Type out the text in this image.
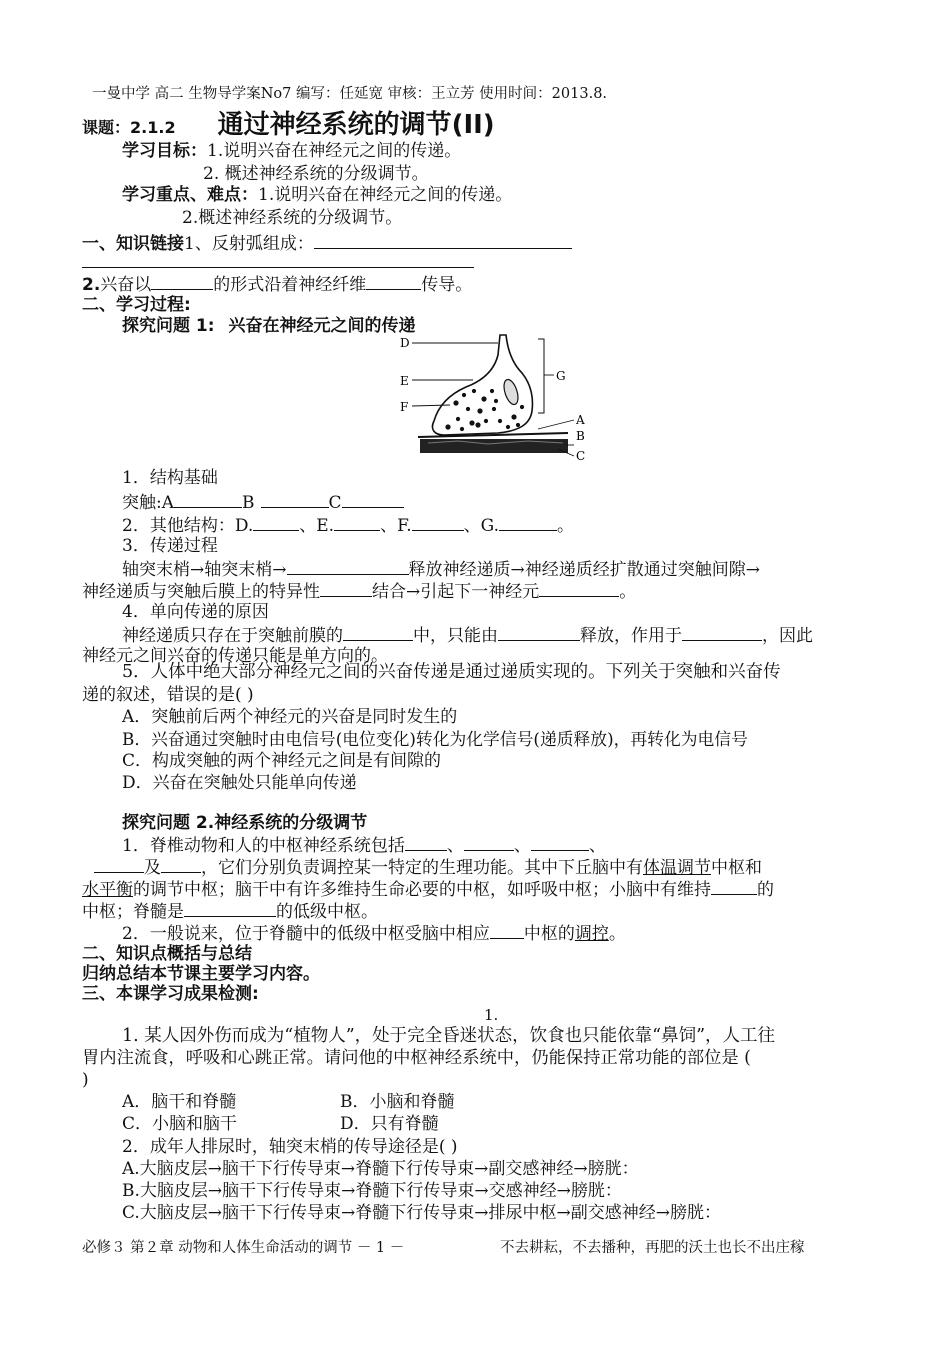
一曼中学 高二 生物导学案No7 编写：任延宽 审核：王立芳 使用时间：2013.8.
课题：2.1.2 通过神经系统的调节(II)
学习目标：1.说明兴奋在神经元之间的传递。
2. 概述神经系统的分级调节。
学习重点、难点：1.说明兴奋在神经元之间的传递。
2.概述神经系统的分级调节。
一、知识链接1、反射弧组成：
2.兴奋以	的形式沿着神经纤维	传导。
二、学习过程:
探究问题 1: 兴奋在神经元之间的传递
D
E
F
G
A
B
C
1．结构基础
突触:A	B	C
2．其他结构：D.	、E.	、F.	、G.	。
3．传递过程
轴突末梢→轴突末梢→	释放神经递质→神经递质经扩散通过突触间隙→
神经递质与突触后膜上的特异性	结合→引起下一神经元	。
4．单向传递的原因
神经递质只存在于突触前膜的	中，只能由	释放，作用于	，因此
神经元之间兴奋的传递只能是单方向的。
5．人体中绝大部分神经元之间的兴奋传递是通过递质实现的。下列关于突触和兴奋传
递的叙述，错误的是( )
A．突触前后两个神经元的兴奋是同时发生的
B．兴奋通过突触时由电信号(电位变化)转化为化学信号(递质释放)，再转化为电信号
C．构成突触的两个神经元之间是有间隙的
D．兴奋在突触处只能单向传递
探究问题 2.神经系统的分级调节
1．脊椎动物和人的中枢神经系统包括 、	、	、
及 ，它们分别负责调控某一特定的生理功能。其中下丘脑中有体温调节中枢和
水平衡的调节中枢；脑干中有许多维持生命必要的中枢，如呼吸中枢；小脑中有维持	的
中枢；脊髓是	的低级中枢。
2．一般说来，位于脊髓中的低级中枢受脑中相应 中枢的调控。
二、知识点概括与总结
归纳总结本节课主要学习内容。
三、本课学习成果检测:
1.
1. 某人因外伤而成为“植物人”，处于完全昏迷状态，饮食也只能依靠“鼻饲”，人工往
胃内注流食，呼吸和心跳正常。请问他的中枢神经系统中，仍能保持正常功能的部位是 (
)
A．脑干和脊髓	B．小脑和脊髓
C．小脑和脑干	D．只有脊髓
2．成年人排尿时，轴突末梢的传导途径是( )
A.大脑皮层→脑干下行传导束→脊髓下行传导束→副交感神经→膀胱：
B.大脑皮层→脑干下行传导束→脊髓下行传导束→交感神经→膀胱：
C.大脑皮层→脑干下行传导束→脊髓下行传导束→排尿中枢→副交感神经→膀胱：
必修３ 第２章 动物和人体生命活动的调节 － 1 －	不去耕耘，不去播种，再肥的沃土也长不出庄稼
